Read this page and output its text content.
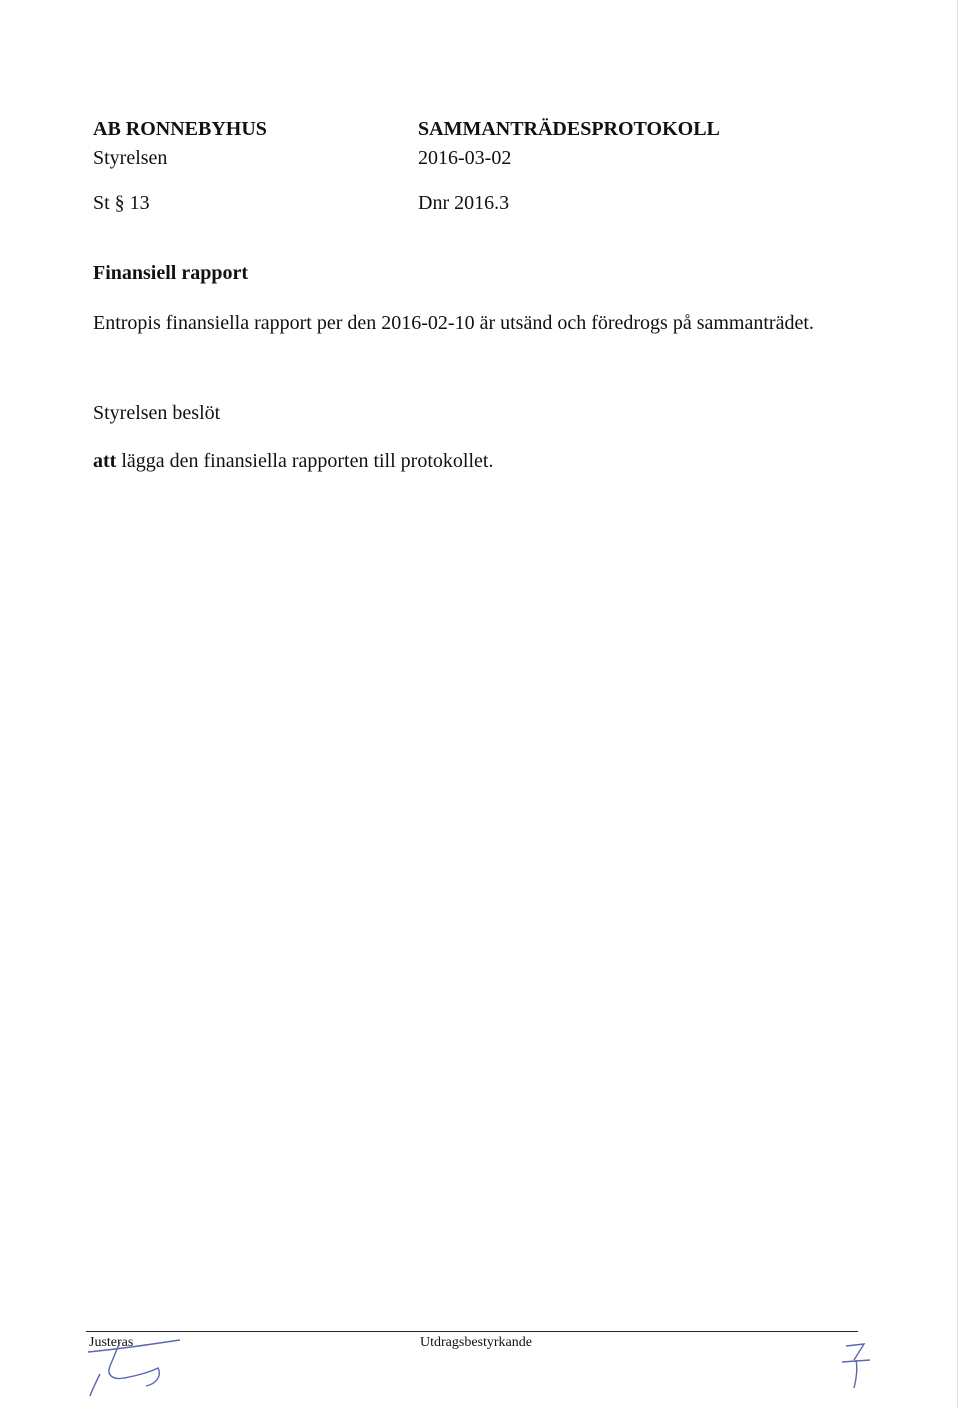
AB RONNEBYHUS
Styrelsen
SAMMANTRÄDESPROTOKOLL
2016-03-02
St § 13	Dnr 2016.3
Finansiell rapport
Entropis finansiella rapport per den 2016-02-10 är utsänd och föredrogs på sammanträdet.
Styrelsen beslöt
att lägga den finansiella rapporten till protokollet.
Justeras	Utdragsbestyrkande
